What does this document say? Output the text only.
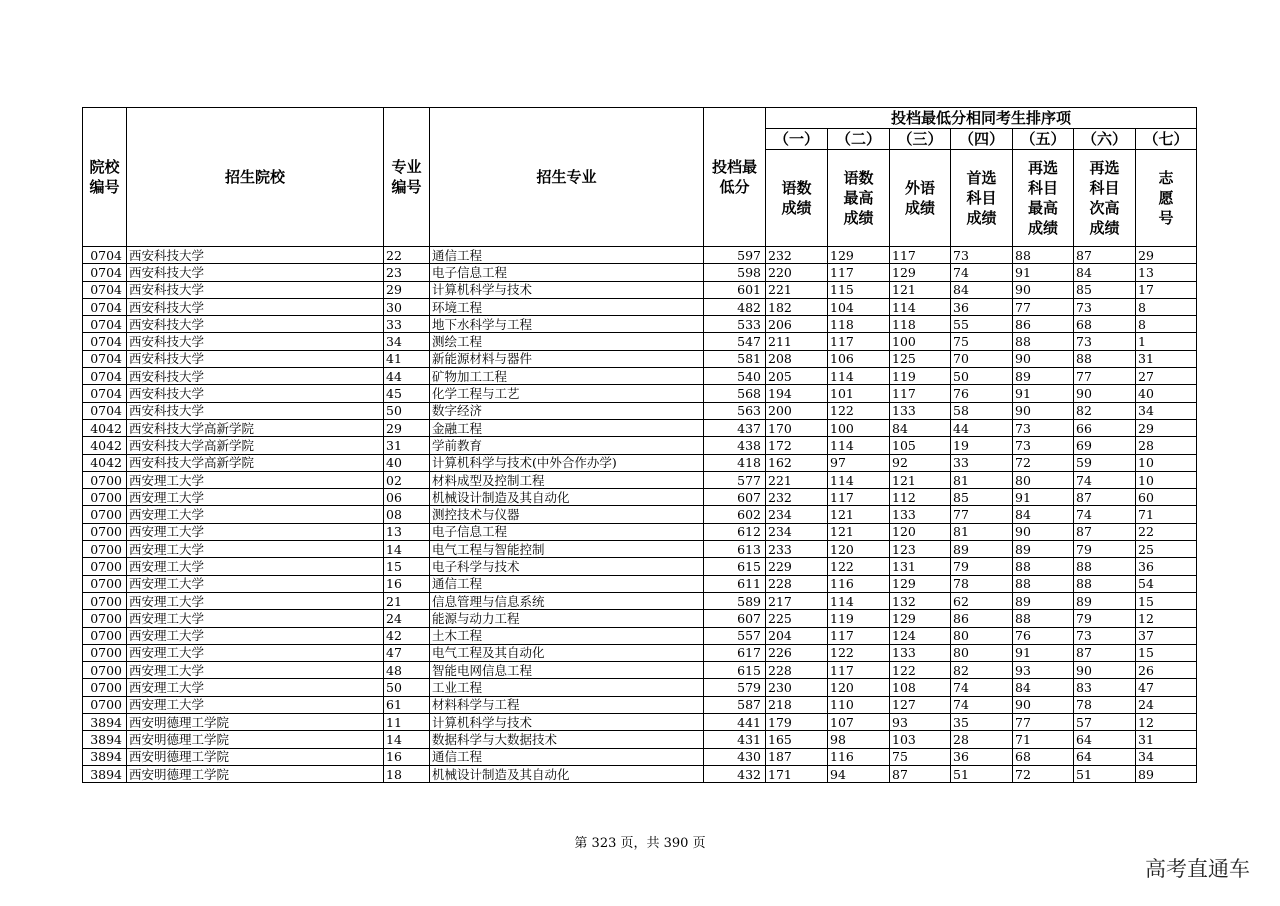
院校编号	招生院校	专业编号	招生专业	投档最低分	投档最低分相同考生排序项						
					（一）	（二）	（三）	（四）	（五）	（六）	（七）
					语数成绩	语数最高成绩	外语成绩	首选科目成绩	再选科目最高成绩	再选科目次高成绩	志愿号
0704	西安科技大学	22	通信工程	597	232	129	117	73	88	87	29
0704	西安科技大学	23	电子信息工程	598	220	117	129	74	91	84	13
0704	西安科技大学	29	计算机科学与技术	601	221	115	121	84	90	85	17
0704	西安科技大学	30	环境工程	482	182	104	114	36	77	73	8
0704	西安科技大学	33	地下水科学与工程	533	206	118	118	55	86	68	8
0704	西安科技大学	34	测绘工程	547	211	117	100	75	88	73	1
0704	西安科技大学	41	新能源材料与器件	581	208	106	125	70	90	88	31
0704	西安科技大学	44	矿物加工工程	540	205	114	119	50	89	77	27
0704	西安科技大学	45	化学工程与工艺	568	194	101	117	76	91	90	40
0704	西安科技大学	50	数字经济	563	200	122	133	58	90	82	34
4042	西安科技大学高新学院	29	金融工程	437	170	100	84	44	73	66	29
4042	西安科技大学高新学院	31	学前教育	438	172	114	105	19	73	69	28
4042	西安科技大学高新学院	40	计算机科学与技术(中外合作办学)	418	162	97	92	33	72	59	10
0700	西安理工大学	02	材料成型及控制工程	577	221	114	121	81	80	74	10
0700	西安理工大学	06	机械设计制造及其自动化	607	232	117	112	85	91	87	60
0700	西安理工大学	08	测控技术与仪器	602	234	121	133	77	84	74	71
0700	西安理工大学	13	电子信息工程	612	234	121	120	81	90	87	22
0700	西安理工大学	14	电气工程与智能控制	613	233	120	123	89	89	79	25
0700	西安理工大学	15	电子科学与技术	615	229	122	131	79	88	88	36
0700	西安理工大学	16	通信工程	611	228	116	129	78	88	88	54
0700	西安理工大学	21	信息管理与信息系统	589	217	114	132	62	89	89	15
0700	西安理工大学	24	能源与动力工程	607	225	119	129	86	88	79	12
0700	西安理工大学	42	土木工程	557	204	117	124	80	76	73	37
0700	西安理工大学	47	电气工程及其自动化	617	226	122	133	80	91	87	15
0700	西安理工大学	48	智能电网信息工程	615	228	117	122	82	93	90	26
0700	西安理工大学	50	工业工程	579	230	120	108	74	84	83	47
0700	西安理工大学	61	材料科学与工程	587	218	110	127	74	90	78	24
3894	西安明德理工学院	11	计算机科学与技术	441	179	107	93	35	77	57	12
3894	西安明德理工学院	14	数据科学与大数据技术	431	165	98	103	28	71	64	31
3894	西安明德理工学院	16	通信工程	430	187	116	75	36	68	64	34
3894	西安明德理工学院	18	机械设计制造及其自动化	432	171	94	87	51	72	51	89
第 323 页，共 390 页
高考直通车
